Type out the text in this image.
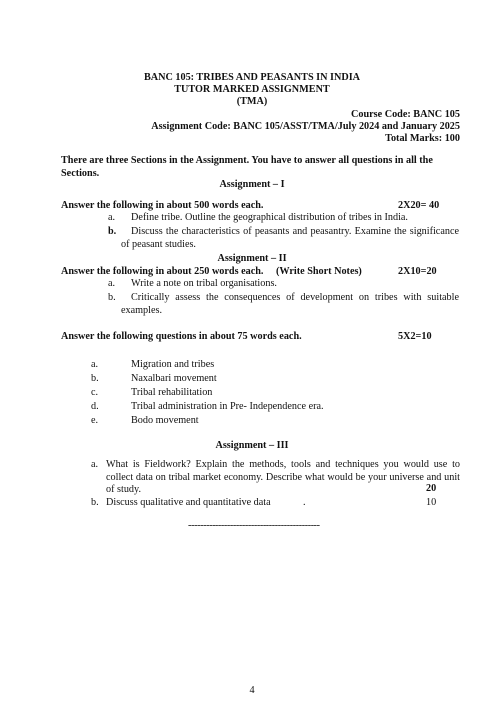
BANC 105: TRIBES AND PEASANTS IN INDIA
TUTOR MARKED ASSIGNMENT
(TMA)
Course Code: BANC 105
Assignment Code: BANC 105/ASST/TMA/July 2024 and January 2025
Total Marks: 100
There are three Sections in the Assignment. You have to answer all questions in all the Sections.
Assignment – I
Answer the following in about 500 words each.	2X20= 40
a. Define tribe. Outline the geographical distribution of tribes in India.
b.	Discuss the characteristics of peasants and peasantry. Examine the significance of peasant studies.
Assignment – II
Answer the following in about 250 words each. (Write Short Notes)	2X10=20
a. Write a note on tribal organisations.
b.	Critically assess the consequences of development on tribes with suitable examples.
Answer the following questions in about 75 words each.	5X2=10
a.	Migration and tribes
b.	Naxalbari movement
c.	Tribal rehabilitation
d.	Tribal administration in Pre- Independence era.
e.	Bodo movement
Assignment – III
a. What is Fieldwork? Explain the methods, tools and techniques you would use to collect data on tribal market economy. Describe what would be your universe and unit of study.	20
b. Discuss qualitative and quantitative data	.	10
--------------------------------------------
4
